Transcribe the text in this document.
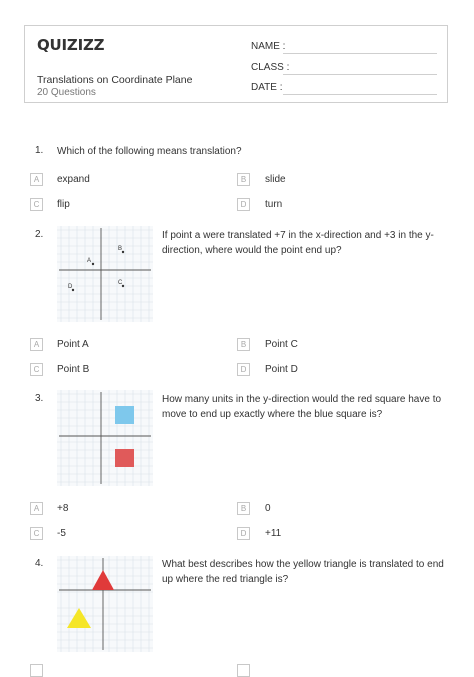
QUIZIZZ
Translations on Coordinate Plane
20 Questions
NAME :
CLASS :
DATE :
1. Which of the following means translation?
A	expand	B	slide
C	flip	D	turn
2.	If point a were translated +7 in the x-direction and +3 in the y-direction, where would the point end up?
A
B
C
D
A	Point A	B	Point C
C	Point B	D	Point D
3.	How many units in the y-direction would the red square have to move to end up exactly where the blue square is?
A	+8	B	0
C	-5	D	+11
4.	What best describes how the yellow triangle is translated to end up where the red triangle is?
